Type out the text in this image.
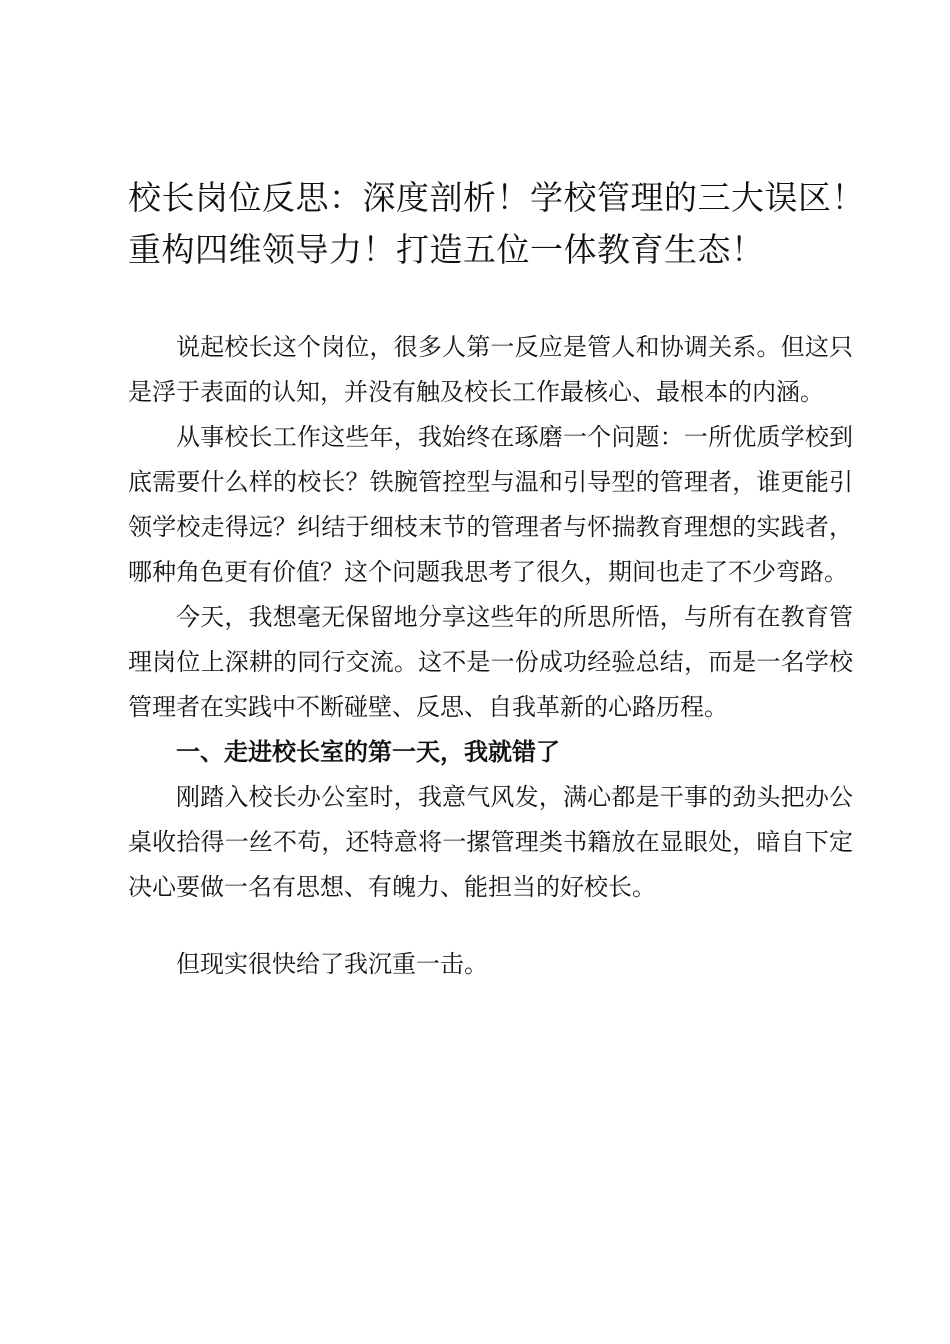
校长岗位反思：深度剖析！学校管理的三大误区！重构四维领导力！打造五位一体教育生态！

说起校长这个岗位，很多人第一反应是管人和协调关系。但这只是浮于表面的认知，并没有触及校长工作最核心、最根本的内涵。

从事校长工作这些年，我始终在琢磨一个问题：一所优质学校到底需要什么样的校长？铁腕管控型与温和引导型的管理者，谁更能引领学校走得远？纠结于细枝末节的管理者与怀揣教育理想的实践者，哪种角色更有价值？这个问题我思考了很久，期间也走了不少弯路。

今天，我想毫无保留地分享这些年的所思所悟，与所有在教育管理岗位上深耕的同行交流。这不是一份成功经验总结，而是一名学校管理者在实践中不断碰壁、反思、自我革新的心路历程。

一、走进校长室的第一天，我就错了

刚踏入校长办公室时，我意气风发，满心都是干事的劲头把办公桌收拾得一丝不苟，还特意将一摞管理类书籍放在显眼处，暗自下定决心要做一名有思想、有魄力、能担当的好校长。

但现实很快给了我沉重一击。
